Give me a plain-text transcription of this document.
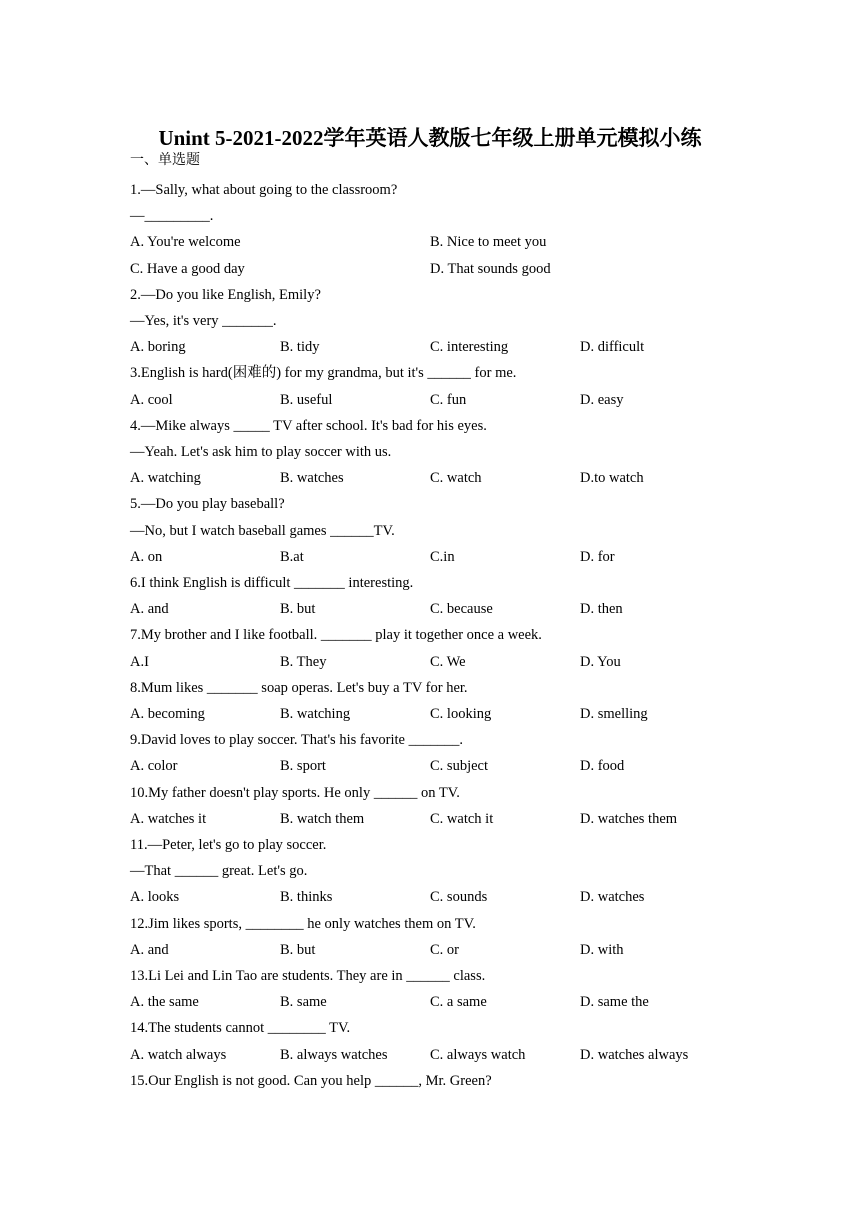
Unint 5-2021-2022学年英语人教版七年级上册单元模拟小练
一、单选题
1.—Sally, what about going to the classroom?
—_________.
A. You're welcome	B. Nice to meet you
C. Have a good day	D. That sounds good
2.—Do you like English, Emily?
—Yes, it's very _______.
A. boring	B. tidy	C. interesting	D. difficult
3.English is hard(困难的) for my grandma, but it's ______ for me.
A. cool	B. useful	C. fun	D. easy
4.—Mike always _____ TV after school. It's bad for his eyes.
—Yeah. Let's ask him to play soccer with us.
A. watching	B. watches	C. watch	D.to watch
5.—Do you play baseball?
—No, but I watch baseball games ______TV.
A. on	B.at	C.in	D. for
6.I think English is difficult _______ interesting.
A. and	B. but	C. because	D. then
7.My brother and I like football. _______ play it together once a week.
A.I	B. They	C. We	D. You
8.Mum likes _______ soap operas. Let's buy a TV for her.
A. becoming	B. watching	C. looking	D. smelling
9.David loves to play soccer. That's his favorite _______.
A. color	B. sport	C. subject	D. food
10.My father doesn't play sports. He only ______ on TV.
A. watches it	B. watch them	C. watch it	D. watches them
11.—Peter, let's go to play soccer.
—That ______ great. Let's go.
A. looks	B. thinks	C. sounds	D. watches
12.Jim likes sports, ________ he only watches them on TV.
A. and	B. but	C. or	D. with
13.Li Lei and Lin Tao are students. They are in ______ class.
A. the same	B. same	C. a same	D. same the
14.The students cannot ________ TV.
A. watch always	B. always watches	C. always watch	D. watches always
15.Our English is not good. Can you help ______, Mr. Green?
